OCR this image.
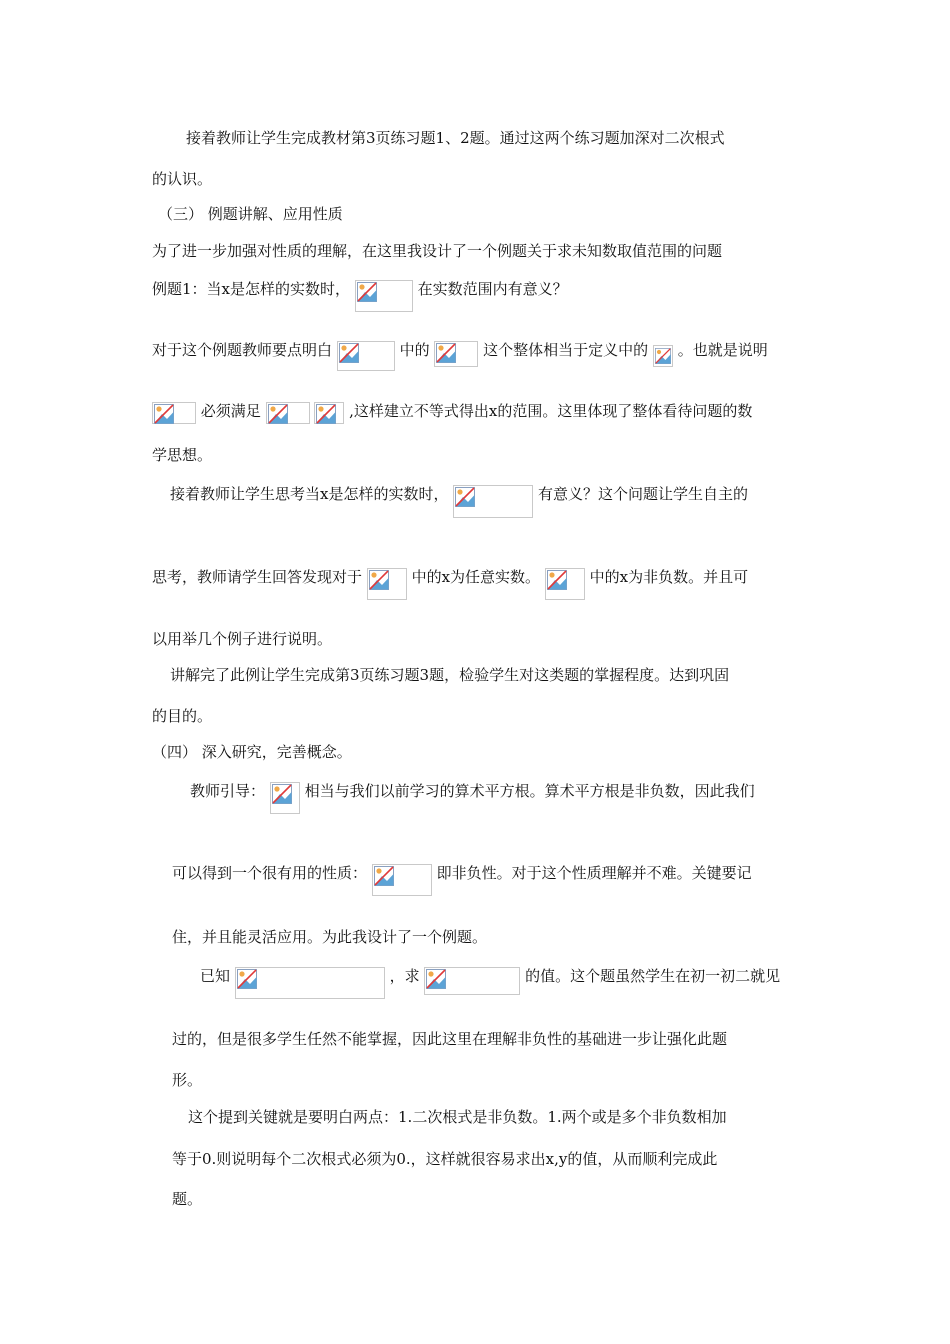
接着教师让学生完成教材第3页练习题1、2题。通过这两个练习题加深对二次根式
的认识。
（三） 例题讲解、应用性质
为了进一步加强对性质的理解，在这里我设计了一个例题关于求未知数取值范围的问题
例题1：当x是怎样的实数时，	在实数范围内有意义？
对于这个例题教师要点明白	中的	这个整体相当于定义中的 。也就是说明
必须满足
	,这样建立不等式得出x的范围。这里体现了整体看待问题的数
学思想。
接着教师让学生思考当x是怎样的实数时，	有意义？这个问题让学生自主的
思考，教师请学生回答发现对于	中的x为任意实数。	中的x为非负数。并且可
以用举几个例子进行说明。
讲解完了此例让学生完成第3页练习题3题，检验学生对这类题的掌握程度。达到巩固
的目的。
（四） 深入研究，完善概念。
教师引导：	相当与我们以前学习的算术平方根。算术平方根是非负数，因此我们
可以得到一个很有用的性质：	即非负性。对于这个性质理解并不难。关键要记
住，并且能灵活应用。为此我设计了一个例题。
已知	，求	的值。这个题虽然学生在初一初二就见
过的，但是很多学生任然不能掌握，因此这里在理解非负性的基础进一步让强化此题
形。
这个提到关键就是要明白两点：1.二次根式是非负数。1.两个或是多个非负数相加
等于0.则说明每个二次根式必须为0.，这样就很容易求出x,y的值，从而顺利完成此
题。
